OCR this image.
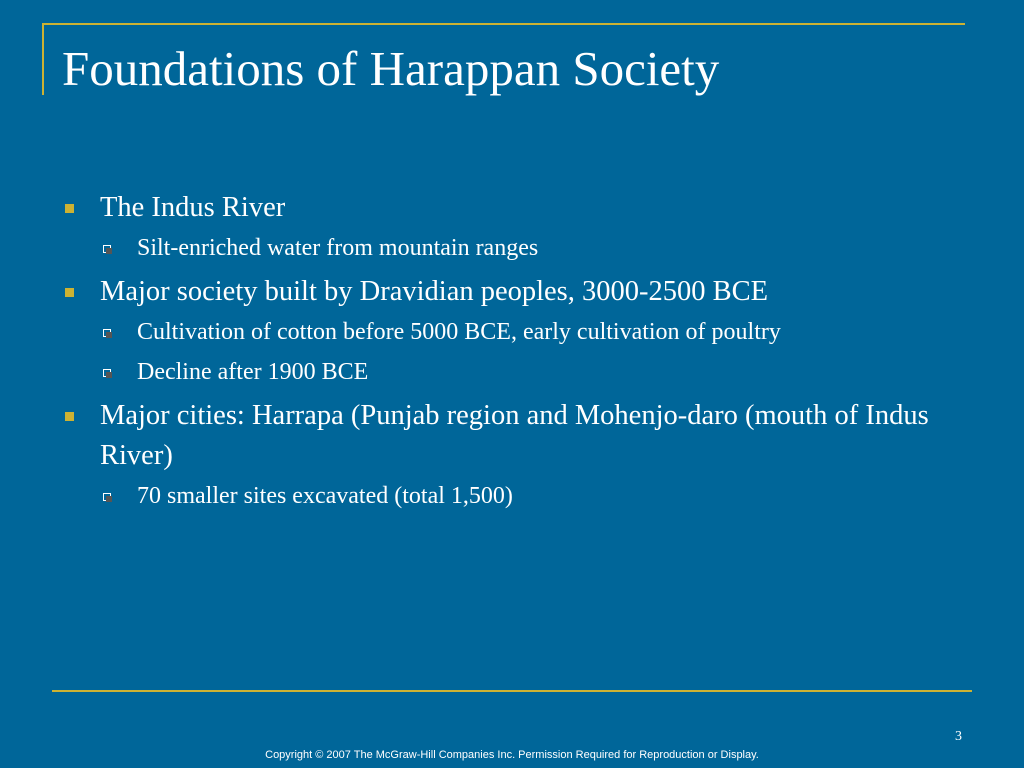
Foundations of Harappan Society
The Indus River
Silt-enriched water from mountain ranges
Major society built by Dravidian peoples, 3000-2500 BCE
Cultivation of cotton before 5000 BCE, early cultivation of poultry
Decline after 1900 BCE
Major cities: Harrapa (Punjab region and Mohenjo-daro (mouth of Indus River)
70 smaller sites excavated (total 1,500)
3
Copyright © 2007 The McGraw-Hill Companies Inc. Permission Required for Reproduction or Display.
